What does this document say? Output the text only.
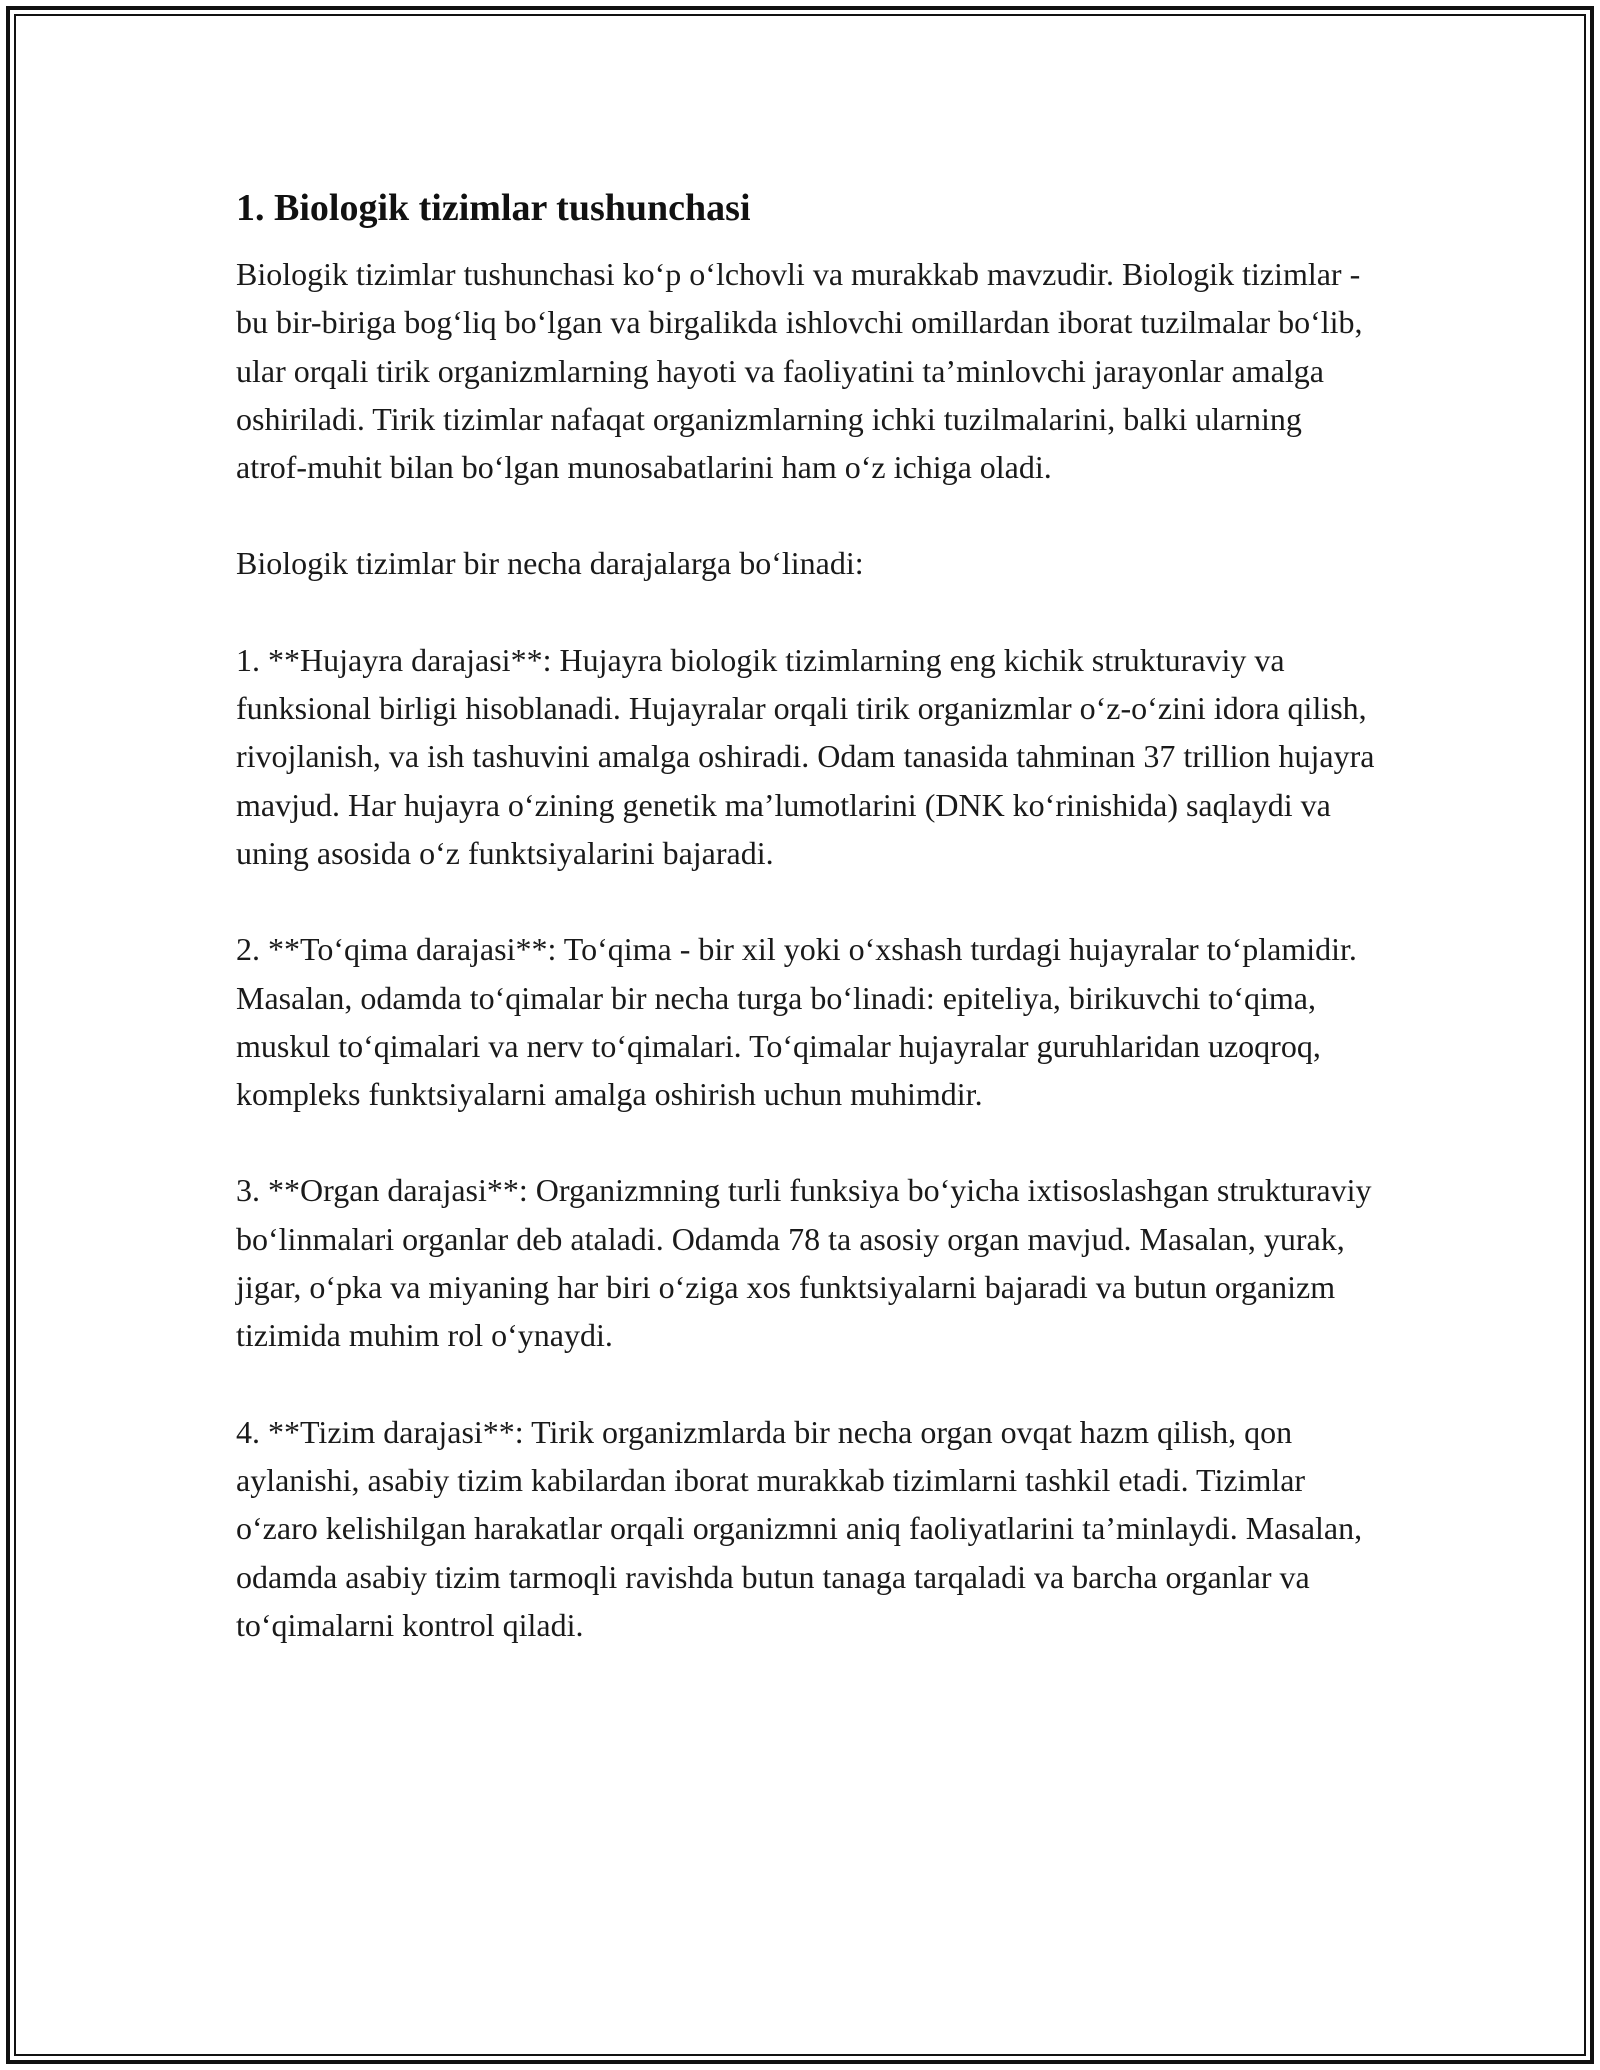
1. Biologik tizimlar tushunchasi

Biologik tizimlar tushunchasi ko‘p o‘lchovli va murakkab mavzudir. Biologik tizimlar - bu bir-biriga bog‘liq bo‘lgan va birgalikda ishlovchi omillardan iborat tuzilmalar bo‘lib, ular orqali tirik organizmlarning hayoti va faoliyatini ta’minlovchi jarayonlar amalga oshiriladi. Tirik tizimlar nafaqat organizmlarning ichki tuzilmalarini, balki ularning atrof-muhit bilan bo‘lgan munosabatlarini ham o‘z ichiga oladi.

Biologik tizimlar bir necha darajalarga bo‘linadi:

1. **Hujayra darajasi**: Hujayra biologik tizimlarning eng kichik strukturaviy va funksional birligi hisoblanadi. Hujayralar orqali tirik organizmlar o‘z-o‘zini idora qilish, rivojlanish, va ish tashuvini amalga oshiradi. Odam tanasida tahminan 37 trillion hujayra mavjud. Har hujayra o‘zining genetik ma’lumotlarini (DNK ko‘rinishida) saqlaydi va uning asosida o‘z funktsiyalarini bajaradi.

2. **To‘qima darajasi**: To‘qima - bir xil yoki o‘xshash turdagi hujayralar to‘plamidir. Masalan, odamda to‘qimalar bir necha turga bo‘linadi: epiteliya, birikuvchi to‘qima, muskul to‘qimalari va nerv to‘qimalari. To‘qimalar hujayralar guruhlaridan uzoqroq, kompleks funktsiyalarni amalga oshirish uchun muhimdir.

3. **Organ darajasi**: Organizmning turli funksiya bo‘yicha ixtisoslashgan strukturaviy bo‘linmalari organlar deb ataladi. Odamda 78 ta asosiy organ mavjud. Masalan, yurak, jigar, o‘pka va miyaning har biri o‘ziga xos funktsiyalarni bajaradi va butun organizm tizimida muhim rol o‘ynaydi.

4. **Tizim darajasi**: Tirik organizmlarda bir necha organ ovqat hazm qilish, qon aylanishi, asabiy tizim kabilardan iborat murakkab tizimlarni tashkil etadi. Tizimlar o‘zaro kelishilgan harakatlar orqali organizmni aniq faoliyatlarini ta’minlaydi. Masalan, odamda asabiy tizim tarmoqli ravishda butun tanaga tarqaladi va barcha organlar va to‘qimalarni kontrol qiladi.
